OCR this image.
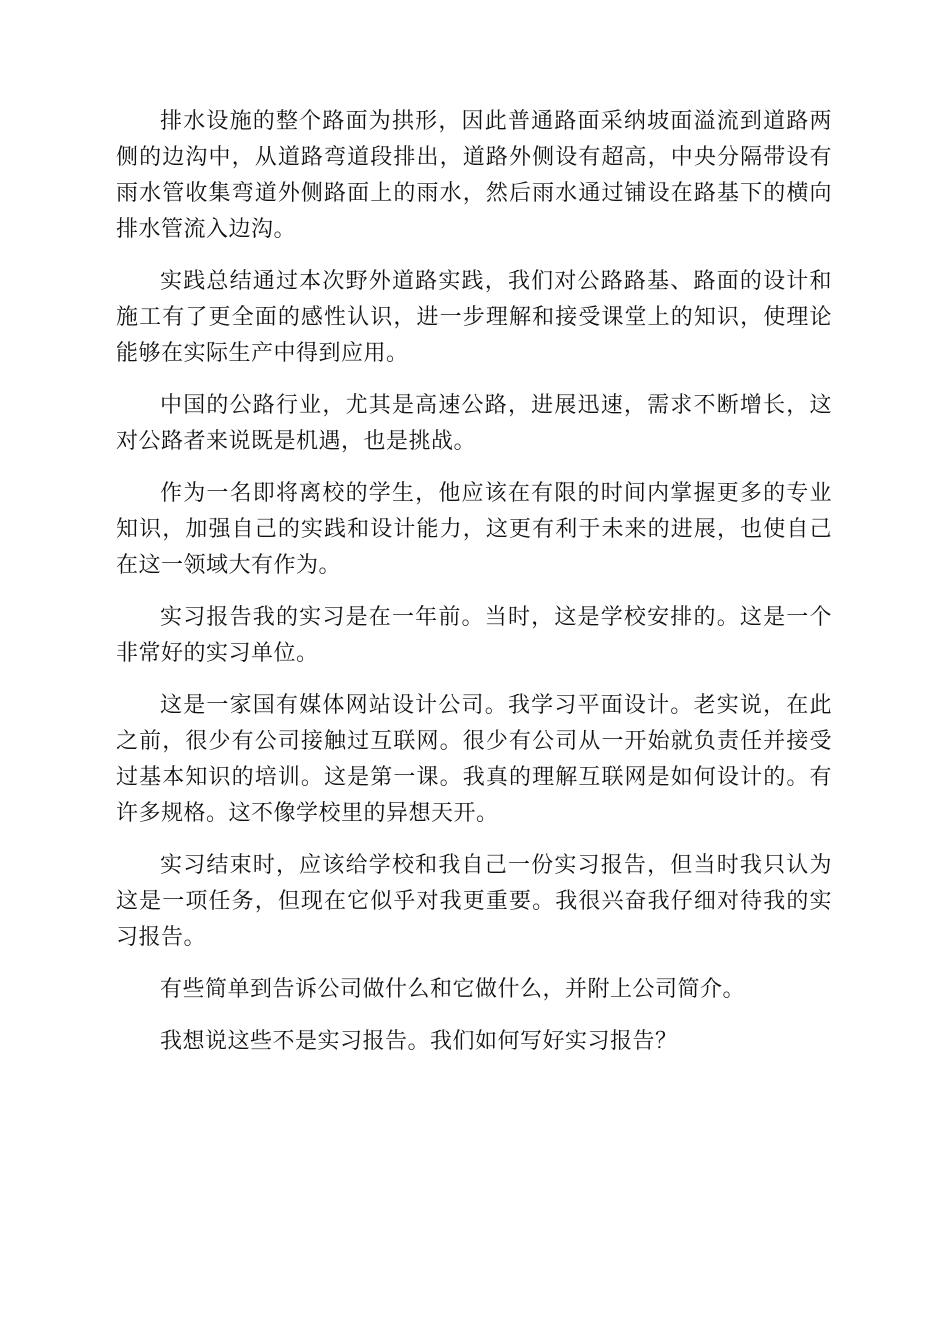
排水设施的整个路面为拱形，因此普通路面采纳坡面溢流到道路两侧的边沟中，从道路弯道段排出，道路外侧设有超高，中央分隔带设有雨水管收集弯道外侧路面上的雨水，然后雨水通过铺设在路基下的横向排水管流入边沟。

实践总结通过本次野外道路实践，我们对公路路基、路面的设计和施工有了更全面的感性认识，进一步理解和接受课堂上的知识，使理论能够在实际生产中得到应用。

中国的公路行业，尤其是高速公路，进展迅速，需求不断增长，这对公路者来说既是机遇，也是挑战。

作为一名即将离校的学生，他应该在有限的时间内掌握更多的专业知识，加强自己的实践和设计能力，这更有利于未来的进展，也使自己在这一领域大有作为。

实习报告我的实习是在一年前。当时，这是学校安排的。这是一个非常好的实习单位。

这是一家国有媒体网站设计公司。我学习平面设计。老实说，在此之前，很少有公司接触过互联网。很少有公司从一开始就负责任并接受过基本知识的培训。这是第一课。我真的理解互联网是如何设计的。有许多规格。这不像学校里的异想天开。

实习结束时，应该给学校和我自己一份实习报告，但当时我只认为这是一项任务，但现在它似乎对我更重要。我很兴奋我仔细对待我的实习报告。

有些简单到告诉公司做什么和它做什么，并附上公司简介。

我想说这些不是实习报告。我们如何写好实习报告？
